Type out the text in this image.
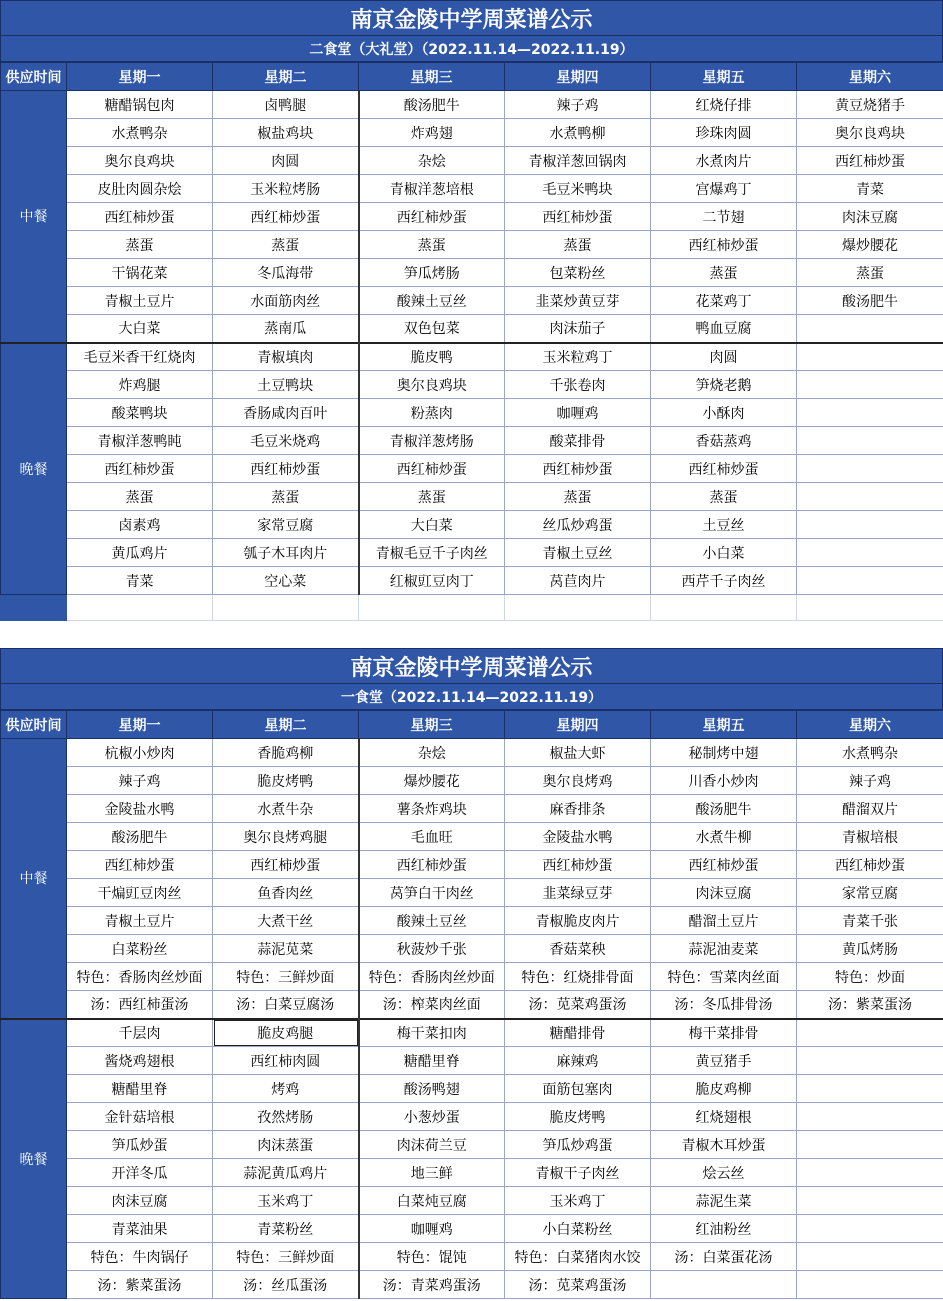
南京金陵中学周菜谱公示
二食堂（大礼堂）（2022.11.14—2022.11.19）
供应时间	星期一	星期二	星期三	星期四	星期五	星期六
中餐	糖醋锅包肉	卤鸭腿	酸汤肥牛	辣子鸡	红烧仔排	黄豆烧猪手
	水煮鸭杂	椒盐鸡块	炸鸡翅	水煮鸭柳	珍珠肉圆	奥尔良鸡块
	奥尔良鸡块	肉圆	杂烩	青椒洋葱回锅肉	水煮肉片	西红柿炒蛋
	皮肚肉圆杂烩	玉米粒烤肠	青椒洋葱培根	毛豆米鸭块	宫爆鸡丁	青菜
	西红柿炒蛋	西红柿炒蛋	西红柿炒蛋	西红柿炒蛋	二节翅	肉沫豆腐
	蒸蛋	蒸蛋	蒸蛋	蒸蛋	西红柿炒蛋	爆炒腰花
	干锅花菜	冬瓜海带	笋瓜烤肠	包菜粉丝	蒸蛋	蒸蛋
	青椒土豆片	水面筋肉丝	酸辣土豆丝	韭菜炒黄豆芽	花菜鸡丁	酸汤肥牛
	大白菜	蒸南瓜	双色包菜	肉沫茄子	鸭血豆腐	
晚餐	毛豆米香干红烧肉	青椒填肉	脆皮鸭	玉米粒鸡丁	肉圆	
	炸鸡腿	土豆鸭块	奥尔良鸡块	千张卷肉	笋烧老鹅	
	酸菜鸭块	香肠咸肉百叶	粉蒸肉	咖喱鸡	小酥肉	
	青椒洋葱鸭盹	毛豆米烧鸡	青椒洋葱烤肠	酸菜排骨	香菇蒸鸡	
	西红柿炒蛋	西红柿炒蛋	西红柿炒蛋	西红柿炒蛋	西红柿炒蛋	
	蒸蛋	蒸蛋	蒸蛋	蒸蛋	蒸蛋	
	卤素鸡	家常豆腐	大白菜	丝瓜炒鸡蛋	土豆丝	
	黄瓜鸡片	瓠子木耳肉片	青椒毛豆千子肉丝	青椒土豆丝	小白菜	
	青菜	空心菜	红椒豇豆肉丁	莴苣肉片	西芹千子肉丝	

南京金陵中学周菜谱公示
一食堂（2022.11.14—2022.11.19）
供应时间	星期一	星期二	星期三	星期四	星期五	星期六
中餐	杭椒小炒肉	香脆鸡柳	杂烩	椒盐大虾	秘制烤中翅	水煮鸭杂
	辣子鸡	脆皮烤鸭	爆炒腰花	奥尔良烤鸡	川香小炒肉	辣子鸡
	金陵盐水鸭	水煮牛杂	薯条炸鸡块	麻香排条	酸汤肥牛	醋溜双片
	酸汤肥牛	奥尔良烤鸡腿	毛血旺	金陵盐水鸭	水煮牛柳	青椒培根
	西红柿炒蛋	西红柿炒蛋	西红柿炒蛋	西红柿炒蛋	西红柿炒蛋	西红柿炒蛋
	干煸豇豆肉丝	鱼香肉丝	莴笋白干肉丝	韭菜绿豆芽	肉沫豆腐	家常豆腐
	青椒土豆片	大煮干丝	酸辣土豆丝	青椒脆皮肉片	醋溜土豆片	青菜千张
	白菜粉丝	蒜泥苋菜	秋菠炒千张	香菇菜秧	蒜泥油麦菜	黄瓜烤肠
	特色：香肠肉丝炒面	特色：三鲜炒面	特色：香肠肉丝炒面	特色：红烧排骨面	特色：雪菜肉丝面	特色：炒面
	汤：西红柿蛋汤	汤：白菜豆腐汤	汤：榨菜肉丝面	汤：苋菜鸡蛋汤	汤：冬瓜排骨汤	汤：紫菜蛋汤
晚餐	千层肉	脆皮鸡腿	梅干菜扣肉	糖醋排骨	梅干菜排骨	
	酱烧鸡翅根	西红柿肉圆	糖醋里脊	麻辣鸡	黄豆猪手	
	糖醋里脊	烤鸡	酸汤鸭翅	面筋包塞肉	脆皮鸡柳	
	金针菇培根	孜然烤肠	小葱炒蛋	脆皮烤鸭	红烧翅根	
	笋瓜炒蛋	肉沫蒸蛋	肉沫荷兰豆	笋瓜炒鸡蛋	青椒木耳炒蛋	
	开洋冬瓜	蒜泥黄瓜鸡片	地三鲜	青椒干子肉丝	烩云丝	
	肉沫豆腐	玉米鸡丁	白菜炖豆腐	玉米鸡丁	蒜泥生菜	
	青菜油果	青菜粉丝	咖喱鸡	小白菜粉丝	红油粉丝	
	特色：牛肉锅仔	特色：三鲜炒面	特色：馄饨	特色：白菜猪肉水饺	汤：白菜蛋花汤	
	汤：紫菜蛋汤	汤：丝瓜蛋汤	汤：青菜鸡蛋汤	汤：苋菜鸡蛋汤		
